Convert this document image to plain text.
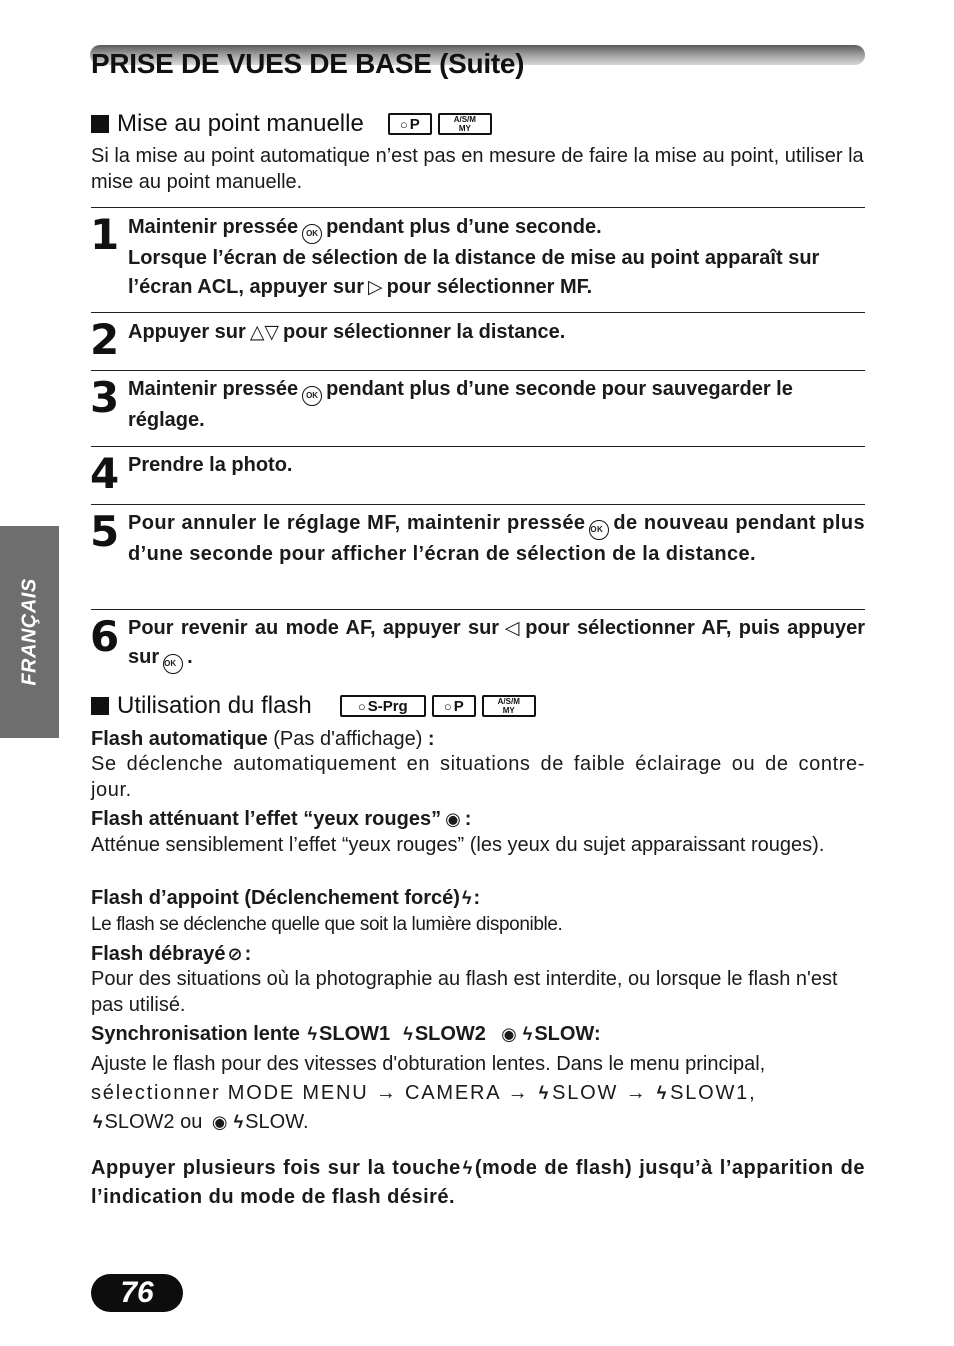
PRISE DE VUES DE BASE (Suite)
FRANÇAIS
Mise au point manuelle	○ P	A/S/M
MY

Si la mise au point automatique n’est pas en mesure de faire la mise au point, utiliser la mise au point manuelle.

1 Maintenir pressée OK pendant plus d’une seconde.
Lorsque l’écran de sélection de la distance de mise au point apparaît sur l’écran ACL, appuyer sur ▷ pour sélectionner MF.

2 Appuyer sur △▽ pour sélectionner la distance.

3 Maintenir pressée OK pendant plus d’une seconde pour sauvegarder le réglage.

4 Prendre la photo.

5 Pour annuler le réglage MF, maintenir pressée OK de nouveau pendant plus d’une seconde pour afficher l’écran de sélection de la distance.

6 Pour revenir au mode AF, appuyer sur ◁ pour sélectionner AF, puis appuyer sur OK .

Utilisation du flash	○ S-Prg	○ P	A/S/M
MY

Flash automatique (Pas d'affichage) :

Se déclenche automatiquement en situations de faible éclairage ou de contre-jour.

Flash atténuant l’effet “yeux rouges” ◉ :

Atténue sensiblement l’effet “yeux rouges” (les yeux du sujet apparaissant rouges).

Flash d’appoint (Déclenchement forcé) ϟ :

Le flash se déclenche quelle que soit la lumière disponible.

Flash débrayé ⊘ :

Pour des situations où la photographie au flash est interdite, ou lorsque le flash n'est pas utilisé.

Synchronisation lente ϟ SLOW1 ϟ SLOW2 ◉ ϟ SLOW:

Ajuste le flash pour des vitesses d'obturation lentes. Dans le menu principal,
sélectionner MODE MENU → CAMERA → ϟ SLOW → ϟ SLOW1,
ϟ SLOW2 ou ◉ ϟ SLOW.

Appuyer plusieurs fois sur la touche ϟ (mode de flash) jusqu’à l’apparition de l’indication du mode de flash désiré.

76
